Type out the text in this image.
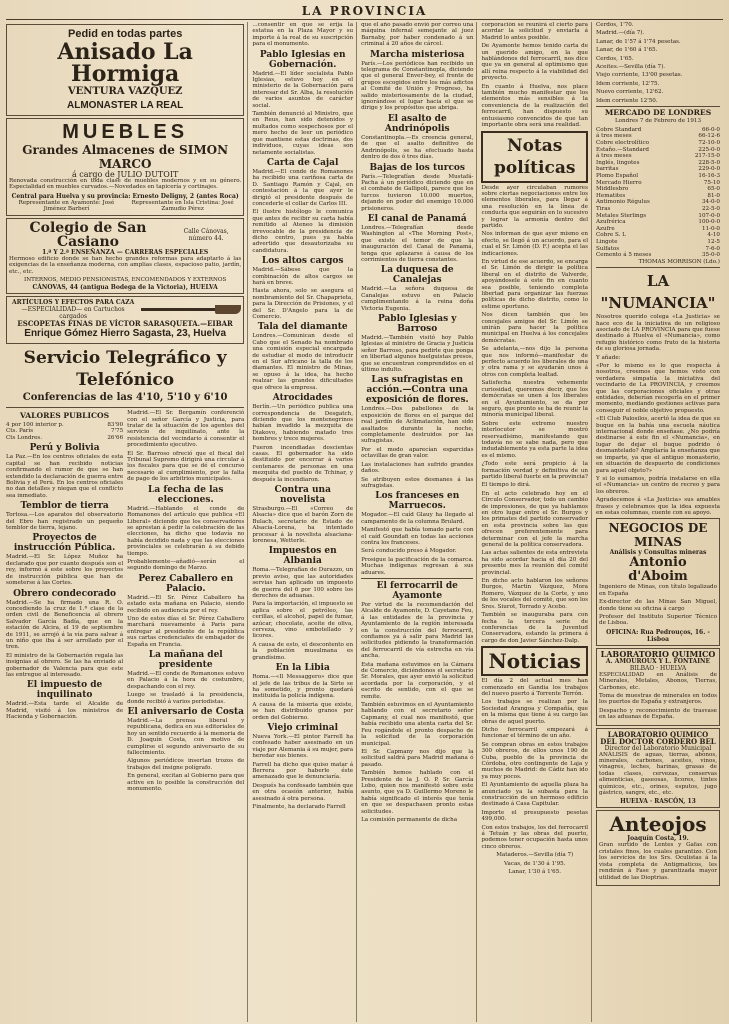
LA PROVINCIA
Pedid en todas partes
Anisado La Hormiga
VENTURA VAZQUEZ
ALMONASTER LA REAL
MUEBLES
Grandes Almacenes de SIMON MARCO
á cargo de JULIO DUTOIT

Renovada construcción en toda clase de muebles modernos y en su género. Especialidad en muebles curvados.—Novedades en tapicería y cortinajes.

Central para Huelva y su provincia: Ernesto Deligny, 2 (antes Roca)
Representante en Ayamonte: José Jiménez Barberí
Representante en Isla Cristina: José Zamudio Pérez
Colegio de San Casiano
Calle Cánovas, número 44.
1.ª Y 2.ª ENSEÑANZA — CARRERAS ESPECIALES

Hermoso edificio donde se han hecho grandes reformas para adaptarlo á las exigencias de la enseñanza moderna, con amplias clases, espacioso patio, jardín, etc., etc.

INTERNOS, MEDIO PENSIONISTAS, ENCOMENDADOS Y EXTERNOS
CÁNOVAS, 44 (antigua Bodega de la Victoria), HUELVA
ARTÍCULOS Y EFECTOS PARA CAZA
—ESPECIALIDAD— en Cartuchos cargados
ESCOPETAS FINAS DE VÍCTOR SARASQUETA.—EIBAR
Enrique Gómez Hierro Sagasta, 23, Huelva
Servicio Telegráfico y Telefónico
Conferencias de las 4'10, 5'10 y 6'10
VALORES PUBLICOS
4 por 100 interior p.	83'90
Cts. París	7'75
Cts Londres.	26'66
Perú y Bolivia

La Paz.—En los centros oficiales de esta capital se han recibido noticias confirmando el rumor de que se han extendido la declaración de guerra entre Bolivia y el Perú. En los centros oficiales no dan detalles y niegan que el conflicto sea inmediato.

Temblor de tierra

Tortosa.—Los aparatos del observatorio del Ebro han registrado un pequeño temblor de tierra, lejano.

Proyectos de instrucción Pública.

Madrid.—El Sr. López Muñoz ha declarado que por cuanto después son el rey, informó á este sobre los proyectos de instrucción pública que han de someterse á las Cortes.

Obrero condecorado

Madrid.—Se ha firmado una R. O. concediendo la cruz de 1.ª clase de la orden civil de Beneficencia al obrero Salvador García Badía, que en la estación de Alcira, el 19 de septiembre de 1911, se arrojó á la vía para salvar á un niño que iba á ser arrollado por el tren.

El ministro de la Gobernación regala las insignias al obrero. Se las ha enviado al gobernador de Valencia para que este las entregue al interesado.

El impuesto de inquilinato

Madrid.—Esta tarde el Alcalde de Madrid, visitó á los ministros de Hacienda y Gobernación.

Madrid.—El Sr. Bergamín conferenció con el señor García y Justicia, para tratar de la situación de los agentes del servicio de inquilinato, ante la resistencia del vecindario á consentir el procedimiento ejecutivo.

El Sr. Barroso ofreció que el fiscal del Tribunal Supremo dirigirá una circular á los fiscales para que se dé el concurso necesario al cumplimiento, por la falta de pago de los arbitrios municipales.

La fecha de las elecciones.

Madrid.—Hablando el conde de Romanones del artículo que publica «El Liberal» diciendo que los conservadores se aprestan á pedir la celebración de las elecciones, ha dicho que todavía no había decidido nada y que las elecciones provinciales se celebrarán á su debido tiempo.

Probablemente—añadió—serán el segundo domingo de Marzo.

Perez Caballero en Palacio.

Madrid.—El Sr. Pérez Caballero ha estado esta mañana en Palacio, siendo recibido en audiencia por el rey.

Uno de estos días el Sr. Pérez Caballero marchará nuevamente á París para entregar al presidente de la república sus cartas credenciales de embajador de España en Francia.

La mañana del presidente

Madrid.—El conde de Romanones estuvo en Palacio á la hora de costumbre, despachando con el rey.

Luego se trasladó á la presidencia, donde recibió á varios periodistas.

El aniversario de Costa

Madrid.—La prensa liberal y republicana, dedica en sus editoriales de hoy un sentido recuerdo á la memoria de D. Joaquín Costa, con motivo de cumplirse el segundo aniversario de su fallecimiento.

Algunos periódicos insertan trozos de trabajos del insigne polígrafo.

En general, excitan al Gobierno para que active en lo posible la construcción del monumento.

...consentir en que se erija la estatua en la Plaza Mayor y su importe á la real de su suscripción para el monumento.

Pablo Iglesias en Gobernación.

Madrid.—El líder socialista Pablo Iglesias, estuvo hoy en el ministerio de la Gobernación para interesar del Sr. Alba, la resolución de varios asuntos de carácter social.

También denunció al Ministro, que en Reus, han sido detenidos y multados como sospechosos por el mero hecho de leer un periódico que mantiene estas doctrinas, dos individuos, cuyas ideas son netamente socialistas.

Carta de Cajal

Madrid.—El conde de Romanones ha recibido una cariñosa carta de D. Santiago Ramón y Cajal, en contestación á la que ayer le dirigió el presidente después de concederle el collar de Carlos III.

El ilustre histólogo le comunica que antes de recibir su carta había remitido al Ateneo la dimisión irrevocable de la presidencia de dicho centro, pues ya había advertido que desautorizaba su candidatura.

Los altos cargos

Madrid.—Sábese que la combinación de altos cargos se hará en breve.

Hasta ahora, solo se asegura el nombramiento del Sr. Chapaprieta, para la Dirección de Prisiones, y el del Sr. D'Angelo para la de Comercio.

Tala del diamante

Londres.—Comunican desde el Cabo que el Senado ha nombrado una comisión especial encargada de estudiar el modo de introducir en el Sur africano la talla de los diamantes. El ministro de Minas, se opuso á la idea, ha hecho realzar las grandes dificultades que ofrece la empresa.

Atrocidades

Berlín.—Un periódico publica una correspondencia de Desgatch, diciendo que los montenegrinos habían invadido la mezquita de Diakovo, habiendo matado tres hombres y trece mujeres.

Fueron incendiadas doscientas casas. El gobernador ha sido destituido por encerrar á varios centenares de personas en una mezquita del pueblo de Tchinar, y después la incendiaron.

Contra una novelista

Strasburgo.—El «Correo de Alsacia» dice que el barón Zorn de Bulach, secretario de Estado de Alsacia-Lorena, ha intentado procesar á la novelista alsaciana-lorenesa, Wetterle.

Impuestos en Albania

Roma.—Telegrafían de Durazzo, un previo aviso, que las autoridades servias han aplicado un impuesto de guerra del 6 por 100 sobre los derechos de aduanas.

Para la importación, el impuesto se aplica sobre el petróleo, las cerillas, el alcohol, papel de fumar, azúcar, chocolate, aceite de oliva, cerveza, vino embotellado y licores.

A causa de esto, el descontento en la población musulmana es grandísimo.

En la Libia

Roma.—«Il Messaggero» dice que el jefe de las tribus de la Sirte se ha sometido, y pronto quedará instituida la policía indígena.

A causa de la miseria que existe, se han distribuido granos por orden del Gobierno.

Viejo criminal

Nueva York.—El pintor Farrell ha confesado haber asesinado en un viaje por Alemania á su mujer, para heredar sus bienes.

Farrell ha dicho que quiso matar á Berrera por haberle éste amenazado que le denunciaría.

Después ha confesado también que en otra ocasión anterior, había asesinado á otra persona.

Finalmente, ha declarado Farrell

que el año pasado envió por correo una máquina infernal semejante al juez Barnaby, por haber condenado á un criminal á 20 años de cárcel.

Marcha misteriosa

París.—Los periódicos han recibido un telegrama de Constantinopla, diciendo que el general Enver-bey, el frente de grupos escogidos entre los más adictos al Comité de Unión y Progreso, ha salido misteriosamente de la ciudad, ignorándose el lugar hacia el que se dirige y los propósitos que abriga.

El asalto de Andrinópolis

Constantinopla.—Es creencia general, de que el asalto definitivo de Andrinópolis, se ha efectuado hasta dentro de dos ó tres días.

Bajas de los turcos

París.—Telegrafían desde Mustafá-Pacha á un periódico diciendo que en el combate de Gallipoli, parece que los turcos tuvieron 10.000 muertos, dejando en poder del enemigo 10.000 prisioneros.

El canal de Panamá

Londres.—Telegrafían desde Washington al «The Morning Post», que existe el temor de que la inauguración del Canal de Panamá, tenga que aplazarse á causa de los corrimientos de tierra constantes.

La duquesa de Canalejas

Madrid.—La señora duquesa de Canalejas estuvo en Palacio cumplimentando á la reina doña Victoria Eugenia.

Pablo Iglesias y Barroso

Madrid.—También visitó hoy Pablo Iglesias al ministro de Gracia y Justicia señor Barroso, para pedirle que ponga en libertad algunos huelguistas presos, que se encuentran comprendidos en el último indulto.

Las sufragistas en acción.—Contra una exposición de flores.

Londres.—Dos pabellones de la exposición de flores en el parque del real jardín de Aclimatación, han sido asaltados durante la noche, completamente destruidos por las sufragistas.

Por el modo aparecían esparcidas octavillas de gran valor.

Las instalaciones han sufrido grandes daños.

Se atribuyen estos desmanes á las sufragistas.

Los franceses en Marruecos.

Mogador.—El caíd Glauy ha llegado al campamento de la columna Brulard.

Manifestó que había tomado parte con el caíd Goundafi en todas las acciones contra los franceses.

Será conducido preso á Mogador.

Prosigue la pacificación de la comarca. Muchas indígenas regresan á sus aduares.

El ferrocarril de Ayamonte

Por virtud de la recomendación del Alcalde de Ayamonte, D. Cayetano Feu, á las entidades de la provincia y Ayuntamiento de la región interesada en la construcción del ferrocarril, confiamos ya á salir para Madrid las solicitudes pidiendo la transformación del ferrocarril de vía estrecha en vía ancha.

Esta mañana estuvimos en la Cámara de Comercio, diciéndonos el secretario Sr. Morales, que ayer envió la solicitud acordada por la corporación, y el escrito de sentido, con el que se remite.

También estuvimos en el Ayuntamiento hablando con el secretario señor Capmany, el cual nos manifestó, que había recibido una atenta carta del Sr. Feu rogándole el pronto despacho de la solicitud de la corporación municipal.

El Sr. Capmany nos dijo que la solicitud saldrá para Madrid mañana ó pasado.

También hemos hablado con el Presidente de la J. O. P. Sr. García Lobo, quien nos manifestó sobre este asunto, que ya D. Guillermo Moreno le había significado el interés que tenía en que se despachasen pronto estas solicitudes.

La comisión permanente de dicha

corporación se reunirá el cierto para acordar la solicitud y enviarla á Madrid lo antes posible.

De Ayamonte hemos tenido carta de un querido amigo, en la que hablándonos del ferrocarril, nos dice que ya en general al optimismo que allí reina respecto á la viabilidad del proyecto.

En cuanto á Huelva, nos place también mucho manifestar que los elementos más sensibles á la conveniencia de la realización del ferrocarril, han dispuesto su entusiasmo convencidos de que tan importante obra será una realidad.

Notas políticas

Desde ayer circulaban rumores sobre ciertas negociaciones entre los elementos liberales, para llegar á una resolución en la línea de conducta que seguirán en lo sucesivo y lograr la armonía dentro del partido.

Nos informan de que ayer mismo en efecto, se llegó á un acuerdo, para el cual el Sr. Limón (D. F.) acepta el las indicaciones.

En virtud de ese acuerdo, se encarga el Sr. Limón de dirigir la política liberal en el distrito de Valverde, apoyándosele á este fin en cuanto sea posible, teniendo completa libertad para organizar las fuerzas políticas de dicho distrito, como lo estime oportuno.

Nos dicen también que les concejales amigos del Sr. Limón se unirán para hacer la política municipal en Huelva á los concejales demócratas.

Se adelanta,—nos dijo la persona que nos informó—manifestar de perfecto acuerdo los liberales de una y otra rama y se ayudarán unos á otros con completa lealtad.

Satisfecha nuestra vehemente curiosidad, queremos decir, que los demócratas se unen á los liberales en el Ayuntamiento, se da por seguro, que pronto se ha de reunir la minoría municipal liberal.

Sobre este extremo nuestro interlocutor se mostró reservadísimo, manifestando que todavía no se sabe nada, pero que indudablemente ya esta parte la idea es el mismo.

¿Todo este será propicio á la formación verdad y definitiva de un partido liberal fuerte en la provincia?

El tiempo lo dirá.

En el acto celebrado hoy en el Círculo Conservador, todo un cambio de impresiones, de que ya hablamos en otro lugar entre el Sr. Burgos y los primates del partido conservador en esta provincia sobre las que ofrecen preferentemente para determinar con el jefe la marcha general de la política conservadora.

Las actas salientes de esta entrevista ha sido acordar hacia el día 20 del presente mes la reunión del comité provincial.

En dicho acto hablaron los señores Burgos, Martín Vázquez, Mora Romero, Vázquez de la Corte, y uno de los vocales del comité, que son los Sres. Siurot, Torrado y Acebo.

También se inauguraba para con fecha la tercera serie de conferencias de la Juventud Conservadora, estando la primera á cargo de don Javier Sánchez-Dalp.

Noticias

El día 2 del actual mes han comenzado en Gandia los trabajos del nuevo puerto á Torrente Terrón.

Los trabajos se realizan por la Sociedad Arangoa y Compañía, que en la misma que tiene á su cargo las obras de aquel puerto.

Dicho ferrocarril empezará á funcionar el término de un año.

Se compran obras en estos trabajos 300 obreros, de ellos unos 190 de Cuba, pueblo de la provincia de Córdoba, otro contingente de Laja y muchos de Madrid: de Cádiz han ido ya muy pocos.

El Ayuntamiento de aquella plaza ha anunciado ya la subasta para la construcción de un hermoso edificio destinado á Casa Capitular.

Importe el presupuesto pesetas 499,000.

Con estos trabajos, los del ferrocarril á Tetuán y las obras del puerto, podemos tener ocupación hasta unos cinco obreros.

Mataderos.—Sevilla (día 7)

Vacas, de 1'30 á 1'95.

Lanar, 1'30 á 1'65.

Cerdos, 1'70.

Madrid.—(día 7).

Lanar, de 1'57 á 1'74 pesetas.

Lanar, de 1'60 á 1'65.

Cerdos, 1'65.

Aceites.—Sevilla (día 7).

Viejo corriente, 13'00 pesetas.

Idem corriente, 12'75.

Nuevo corriente, 12'62.

Idem corriente 12'50.

MERCADO DE LONDRES

Londres 7 de Febrero de 1913

Cobre Standard	66-0-0
á tres meses	66-12-6
Cobre electrolítico	72-10-0
Estaño.—Standard	225-0-0
á tres meses	217-15-0
Inglés, lingotes	228-5-0
barritas	229-0-0
Plomo Español	16-16-3
Mercado Hierro	75-10
Middlesbro	65-0
Hematites	81-0
Antimonio Régulus	34-0-0
Tiras	22-5-0
Metales Sterlings	107-0-0
Azufrérica	100-0-0
Azufre	11-0-0
Cobre S. L	4-10
Lingote	12-5
Sulfatos	7-6-0
Cemento á 5 meses	35-0-0

THOMAS MORRISON (Ldo.)

LA "NUMANCIA"

Nosotros querido colega «La Justicia» se hace eco de la iniciativa de un religioso asociado de LA PROVINCIA para que fuese destinado á Huelva el «Numancia», como refugio histórico como fruto de la historia de su gloriosa jornada.

Y añade:

«Por lo mismo es lo que respecta á nosotros, creemos que hemos visto con verdadera simpatía la iniciativa del vecindario de La PROVINCIA, y creemos que las corporaciones oficiales y otras entidades, deberían recogerla en el primer momento, mediando gestiones activas para conseguir el noble objetivo propuesto.

«El Club Palosilos, acertó la idea de que su buque en la bahía una escuela náutica internacional donde enseñase. ¿No podría destinarse á este fin el «Numancia», en lugar de dejar el buque podrido ó desmantelado? Ampliaría la enseñanza que se imparte, ya que el antiguo monasterio, en situación de despuerto de condiciones para aquel objeto?»

Y si lo sumamos, podría instalarse en ella el «Numancia» un centro de recreo y para los obreros.

Agradecemos á «La Justicia» sus amables frases y celebramos que la idea expuesta en estas columnas, cuente con su apoyo.

NEGOCIOS DE MINAS
Análisis y Consultas mineras
Antonio d'Aboim

Ingeniero de Minas, con título legalizado en España

Ex-director de las Minas San Miguel, donde tiene su oficina á cargo

Profesor del Instituto Superior Técnico de Lisboa.

OFICINA: Rua Pedrouços, 16. - Lisboa
LABORATORIO QUIMICO
A. AMOUROUX Y L. FONTAINE
BILBAO · HUELVA

ESPECIALIDAD en Análisis de Minerales, Metales, Abonos, Tierras, Carbones, etc.

Toma de muestras de minerales en todos los puertos de España y extranjeros.

Despacho y reconocimiento de trasvase en las aduanas de España.

LABORATORIO QUIMICO DEL DOCTOR CORDERO BEL
Director del Laboratorio Municipal

ANÁLISIS de aguas, tierras, abonos, minerales, carbones, aceites, vinos, vinagres, leches, harinas, grasas de todas clases, cervezas, conservas alimenticias, gaseosas, licores, tintes químicos, etc., orines, esputos, jugo gástrico, sangre, etc., etc.

HUELVA · RASCÓN, 13
Anteojos
Joaquín Costa, 19.

Gran surtido de Lentes y Gafas con cristales finos, los cuales garantizo. Con los servicios de los Srs. Oculistas á la vista completa de Antigmaticos, les rendirán á Fase y garantizada mayor utilidad de las Dioptrias.
